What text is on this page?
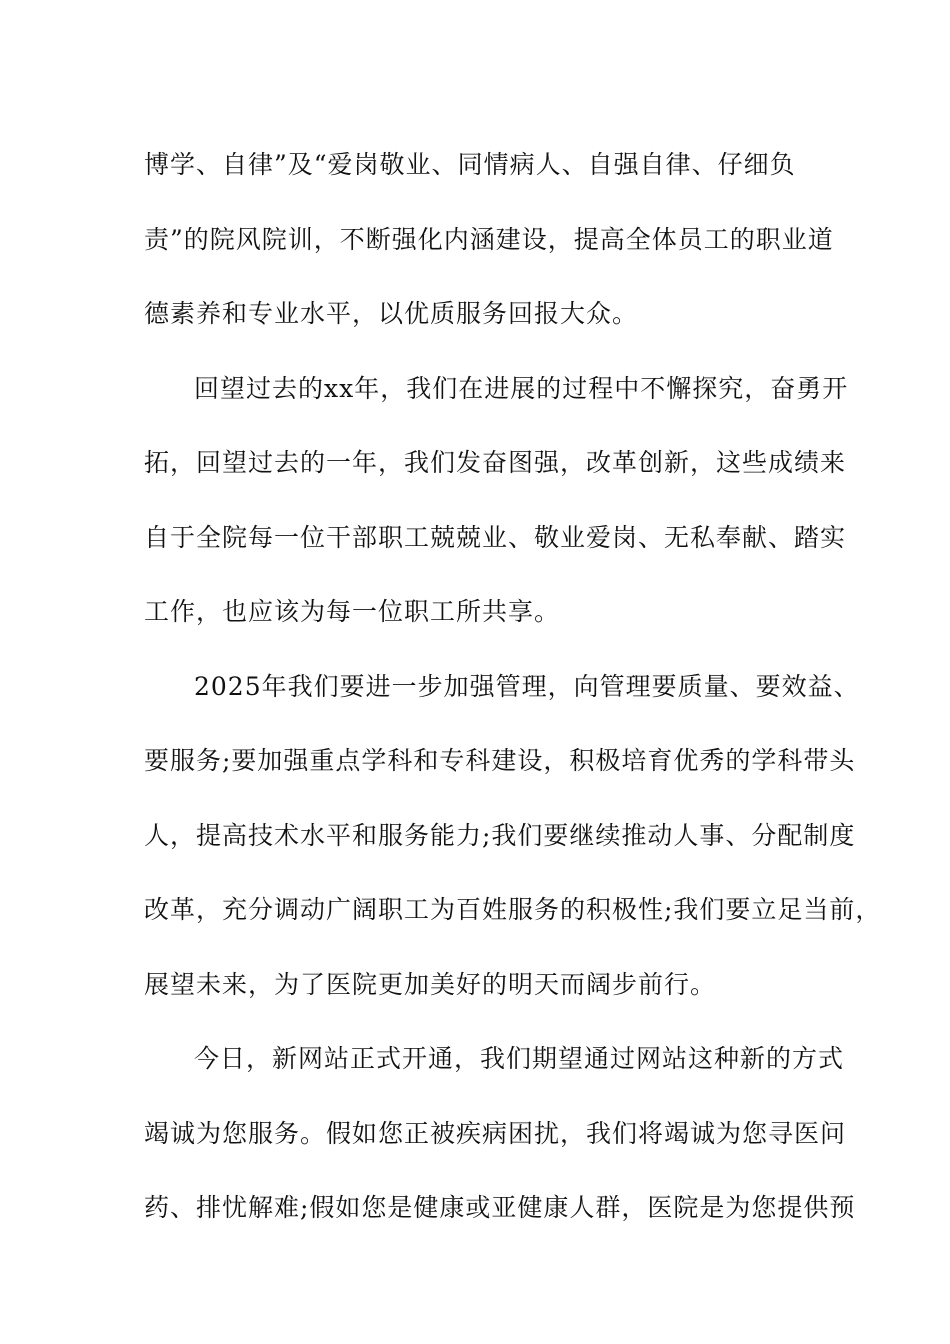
博学、自律”及“爱岗敬业、同情病人、自强自律、仔细负
责”的院风院训，不断强化内涵建设，提高全体员工的职业道
德素养和专业水平，以优质服务回报大众。

回望过去的xx年，我们在进展的过程中不懈探究，奋勇开
拓，回望过去的一年，我们发奋图强，改革创新，这些成绩来
自于全院每一位干部职工兢兢业、敬业爱岗、无私奉献、踏实
工作，也应该为每一位职工所共享。

2025年我们要进一步加强管理，向管理要质量、要效益、
要服务;要加强重点学科和专科建设，积极培育优秀的学科带头
人，提高技术水平和服务能力;我们要继续推动人事、分配制度
改革，充分调动广阔职工为百姓服务的积极性;我们要立足当前，
展望未来，为了医院更加美好的明天而阔步前行。

今日，新网站正式开通，我们期望通过网站这种新的方式
竭诚为您服务。假如您正被疾病困扰，我们将竭诚为您寻医问
药、排忧解难;假如您是健康或亚健康人群，医院是为您提供预
